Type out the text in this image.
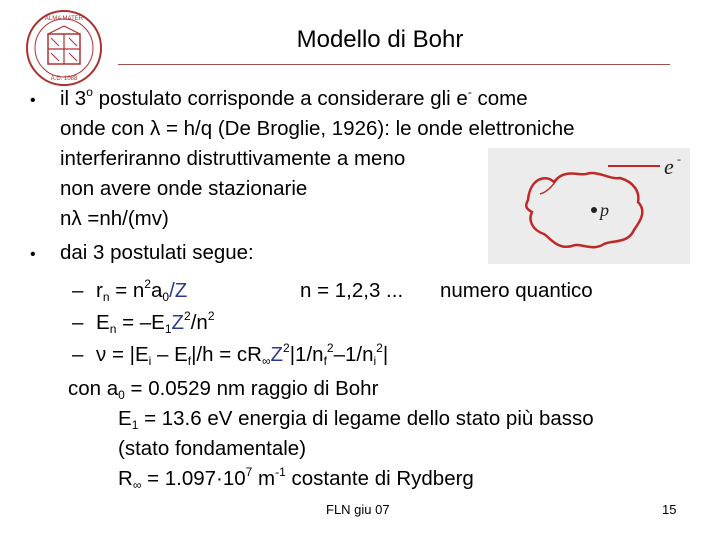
ALMA MATER
A.D. 1088
Modello di Bohr
• il 3$^o$ postulato corrisponde a considerare gli e- come
onde con λ = h/q (De Broglie, 1926): le onde elettroniche
interferiranno distruttivamente a meno
non avere onde stazionarie
nλ =nh/(mv)
• dai 3 postulati segue:
– $r_n = n^2a_0/Z$	n = 1,2,3 ... numero quantico
– $E_n = -E_1Z^2/n^2$
– $\nu = |E_i - E_f|/h = cR_\infty Z^2|1/n_f^2-1/n_i^2|$
con $a_0 = 0.0529$ nm raggio di Bohr
$E_1 = 13.6$ eV energia di legame dello stato più basso
(stato fondamentale)
$R_\infty = 1.097\cdot 10^7$ $m^{-1}$ costante di Rydberg
e -
p
FLN giu 07	15
